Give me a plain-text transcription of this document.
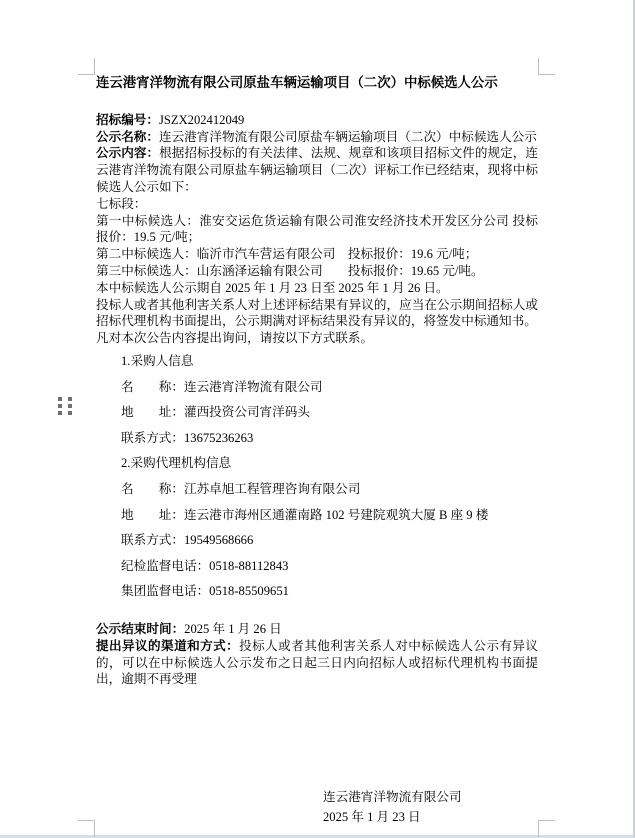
连云港宵洋物流有限公司原盐车辆运输项目（二次）中标候选人公示

招标编号：JSZX202412049

公示名称：连云港宵洋物流有限公司原盐车辆运输项目（二次）中标候选人公示

公示内容：根据招标投标的有关法律、法规、规章和该项目招标文件的规定，连云港宵洋物流有限公司原盐车辆运输项目（二次）评标工作已经结束，现将中标候选人公示如下：

七标段：

第一中标候选人：淮安交运危货运输有限公司淮安经济技术开发区分公司 投标报价：19.5 元/吨；

第二中标候选人：临沂市汽车营运有限公司　投标报价：19.6 元/吨；

第三中标候选人：山东涵泽运输有限公司　　投标报价：19.65 元/吨。

本中标候选人公示期自 2025 年 1 月 23 日至 2025 年 1 月 26 日。

投标人或者其他利害关系人对上述评标结果有异议的，应当在公示期间招标人或招标代理机构书面提出，公示期满对评标结果没有异议的，将签发中标通知书。

凡对本次公告内容提出询问，请按以下方式联系。

1.采购人信息

名　　称：连云港宵洋物流有限公司

地　　址：灌西投资公司宵洋码头

联系方式：13675236263

2.采购代理机构信息

名　　称：江苏卓旭工程管理咨询有限公司

地　　址：连云港市海州区通灌南路 102 号建院观筑大厦 B 座 9 楼

联系方式：19549568666

纪检监督电话：0518-88112843

集团监督电话：0518-85509651

公示结束时间：2025 年 1 月 26 日

提出异议的渠道和方式：投标人或者其他利害关系人对中标候选人公示有异议的，可以在中标候选人公示发布之日起三日内向招标人或招标代理机构书面提出，逾期不再受理

连云港宵洋物流有限公司

2025 年 1 月 23 日
